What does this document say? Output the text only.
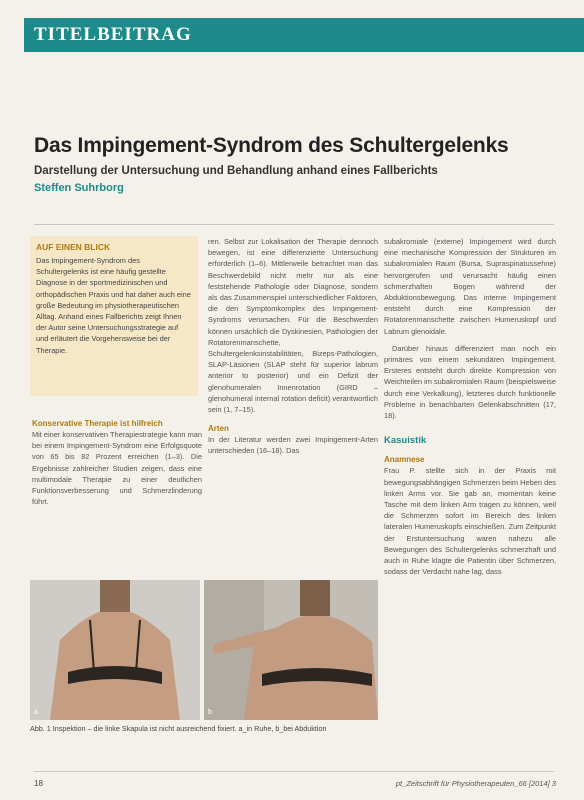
TITELBEITRAG
Das Impingement-Syndrom des Schultergelenks
Darstellung der Untersuchung und Behandlung anhand eines Fallberichts
Steffen Suhrborg
AUF EINEN BLICK
Das Impingement-Syndrom des Schultergelenks ist eine häufig gestellte Diagnose in der sportmedizinischen und orthopädischen Praxis und hat daher auch eine große Bedeutung im physiotherapeutischen Alltag. Anhand eines Fallberichts zeigt Ihnen der Autor seine Untersuchungsstrategie auf und erläutert die Vorgehensweise bei der Therapie.
Konservative Therapie ist hilfreich
Mit einer konservativen Therapiestrategie kann man bei einem Impingement-Syndrom eine Erfolgsquote von 65 bis 82 Prozent erreichen (1–3). Die Ergebnisse zahlreicher Studien zeigen, dass eine multimodale Therapie zu einer deutlichen Funktionsverbesserung und Schmerzlinderung führt.
ren. Selbst zur Lokalisation der Therapie dennoch bewegen, ist eine differenzierte Untersuchung erforderlich (1–6). Mittlerweile betrachtet man das Beschwerdebild nicht mehr nur als eine feststehende Pathologie oder Diagnose, sondern als das Zusammenspiel unterschiedlicher Faktoren, die den Symptomkomplex des Impingement-Syndroms verursachen. Für die Beschwerden können ursächlich die Dyskinesien, Pathologien der Rotatorenmanschette, Schultergelenksinstabilitäten, Bizeps-Pathologien, SLAP-Läsionen (SLAP steht für superior labrum anterior to posterior) und ein Defizit der glenohumeralen Innenrotation (GIRD – glenohumeral internal rotation deficit) verantwortlich sein (1, 7–15).
Arten
In der Literatur werden zwei Impingement-Arten unterschieden (16–18). Das
subakromiale (externe) Impingement wird durch eine mechanische Kompression der Strukturen im subakromialen Raum (Bursa, Supraspinatussehne) hervorgerufen und verursacht häufig einen schmerzhaften Bogen während der Abduktionsbewegung. Das interne Impingement entsteht durch eine Kompression der Rotatorenmanschette zwischen Humeruskopf und Labrum glenoidale.
Darüber hinaus differenziert man noch ein primäres von einem sekundären Impingement. Ersteres entsteht durch direkte Kompression von Weichteilen im subakromialen Raum (beispielsweise durch eine Verkalkung), letzteres durch funktionelle Probleme in benachbarten Gelenkabschnitten (17, 18).
Kasuistik
Anamnese
Frau P. stellte sich in der Praxis mit bewegungsabhängigen Schmerzen beim Heben des linken Arms vor. Sie gab an, momentan keine Tasche mit dem linken Arm tragen zu können, weil die Schmerzen sofort im Bereich des linken lateralen Humeruskopfs einschießen. Zum Zeitpunkt der Erstuntersuchung waren nahezu alle Bewegungen des Schultergelenks schmerzhaft und auch in Ruhe klagte die Patientin über Schmerzen, sodass der Verdacht nahe lag, dass
a	b
Abb. 1 Inspektion – die linke Skapula ist nicht ausreichend fixiert. a_in Ruhe, b_bei Abduktion
18	pt_Zeitschrift für Physiotherapeuten_66 [2014] 3
